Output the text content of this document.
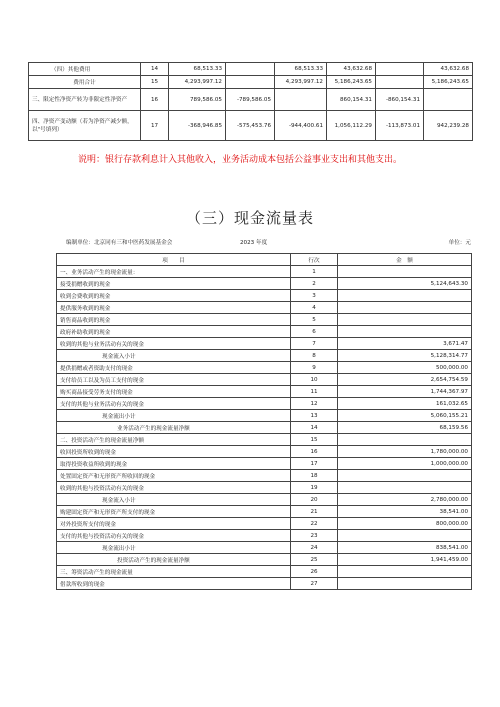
（四）其他费用	14	68,513.33		68,513.33	43,632.68		43,632.68
费用合计	15	4,293,997.12		4,293,997.12	5,186,243.65		5,186,243.65
三、限定性净资产转为非限定性净资产	16	789,586.05	-789,586.05		860,154.31	-860,154.31	
四、净资产变动额（若为净资产减少额，以"号填列）	17	-368,946.85	-575,453.76	-944,400.61	1,056,112.29	-113,873.01	942,239.28
说明：银行存款利息计入其他收入，业务活动成本包括公益事业支出和其他支出。
（三）现金流量表
编制单位：北京同有三和中医药发展基金会	2023 年度	单位：元
项　　目	行次	金　额
一、业务活动产生的现金流量：	1	
接受捐赠收到的现金	2	5,124,643.30
收到会费收到的现金	3	
提供服务收到的现金	4	
销售商品收到的现金	5	
政府补助收到的现金	6	
收到的其他与业务活动有关的现金	7	3,671.47
现金流入小计	8	5,128,314.77
提供捐赠或者资助支付的现金	9	500,000.00
支付给员工以及为员工支付的现金	10	2,654,754.59
购买商品接受劳务支付的现金	11	1,744,367.97
支付的其他与业务活动有关的现金	12	161,032.65
现金流出小计	13	5,060,155.21
业务活动产生的现金流量净额	14	68,159.56
二、投资活动产生的现金流量净额	15	
收回投资所收到的现金	16	1,780,000.00
取得投资收益所收到的现金	17	1,000,000.00
处置固定资产和无形资产所收回的现金	18	
收到的其他与投资活动有关的现金	19	
现金流入小计	20	2,780,000.00
购建固定资产和无形资产所支付的现金	21	38,541.00
对外投资所支付的现金	22	800,000.00
支付的其他与投资活动有关的现金	23	
现金流出小计	24	838,541.00
投资活动产生的现金流量净额	25	1,941,459.00
三、筹资活动产生的现金流量	26	
借款所收到的现金	27	
